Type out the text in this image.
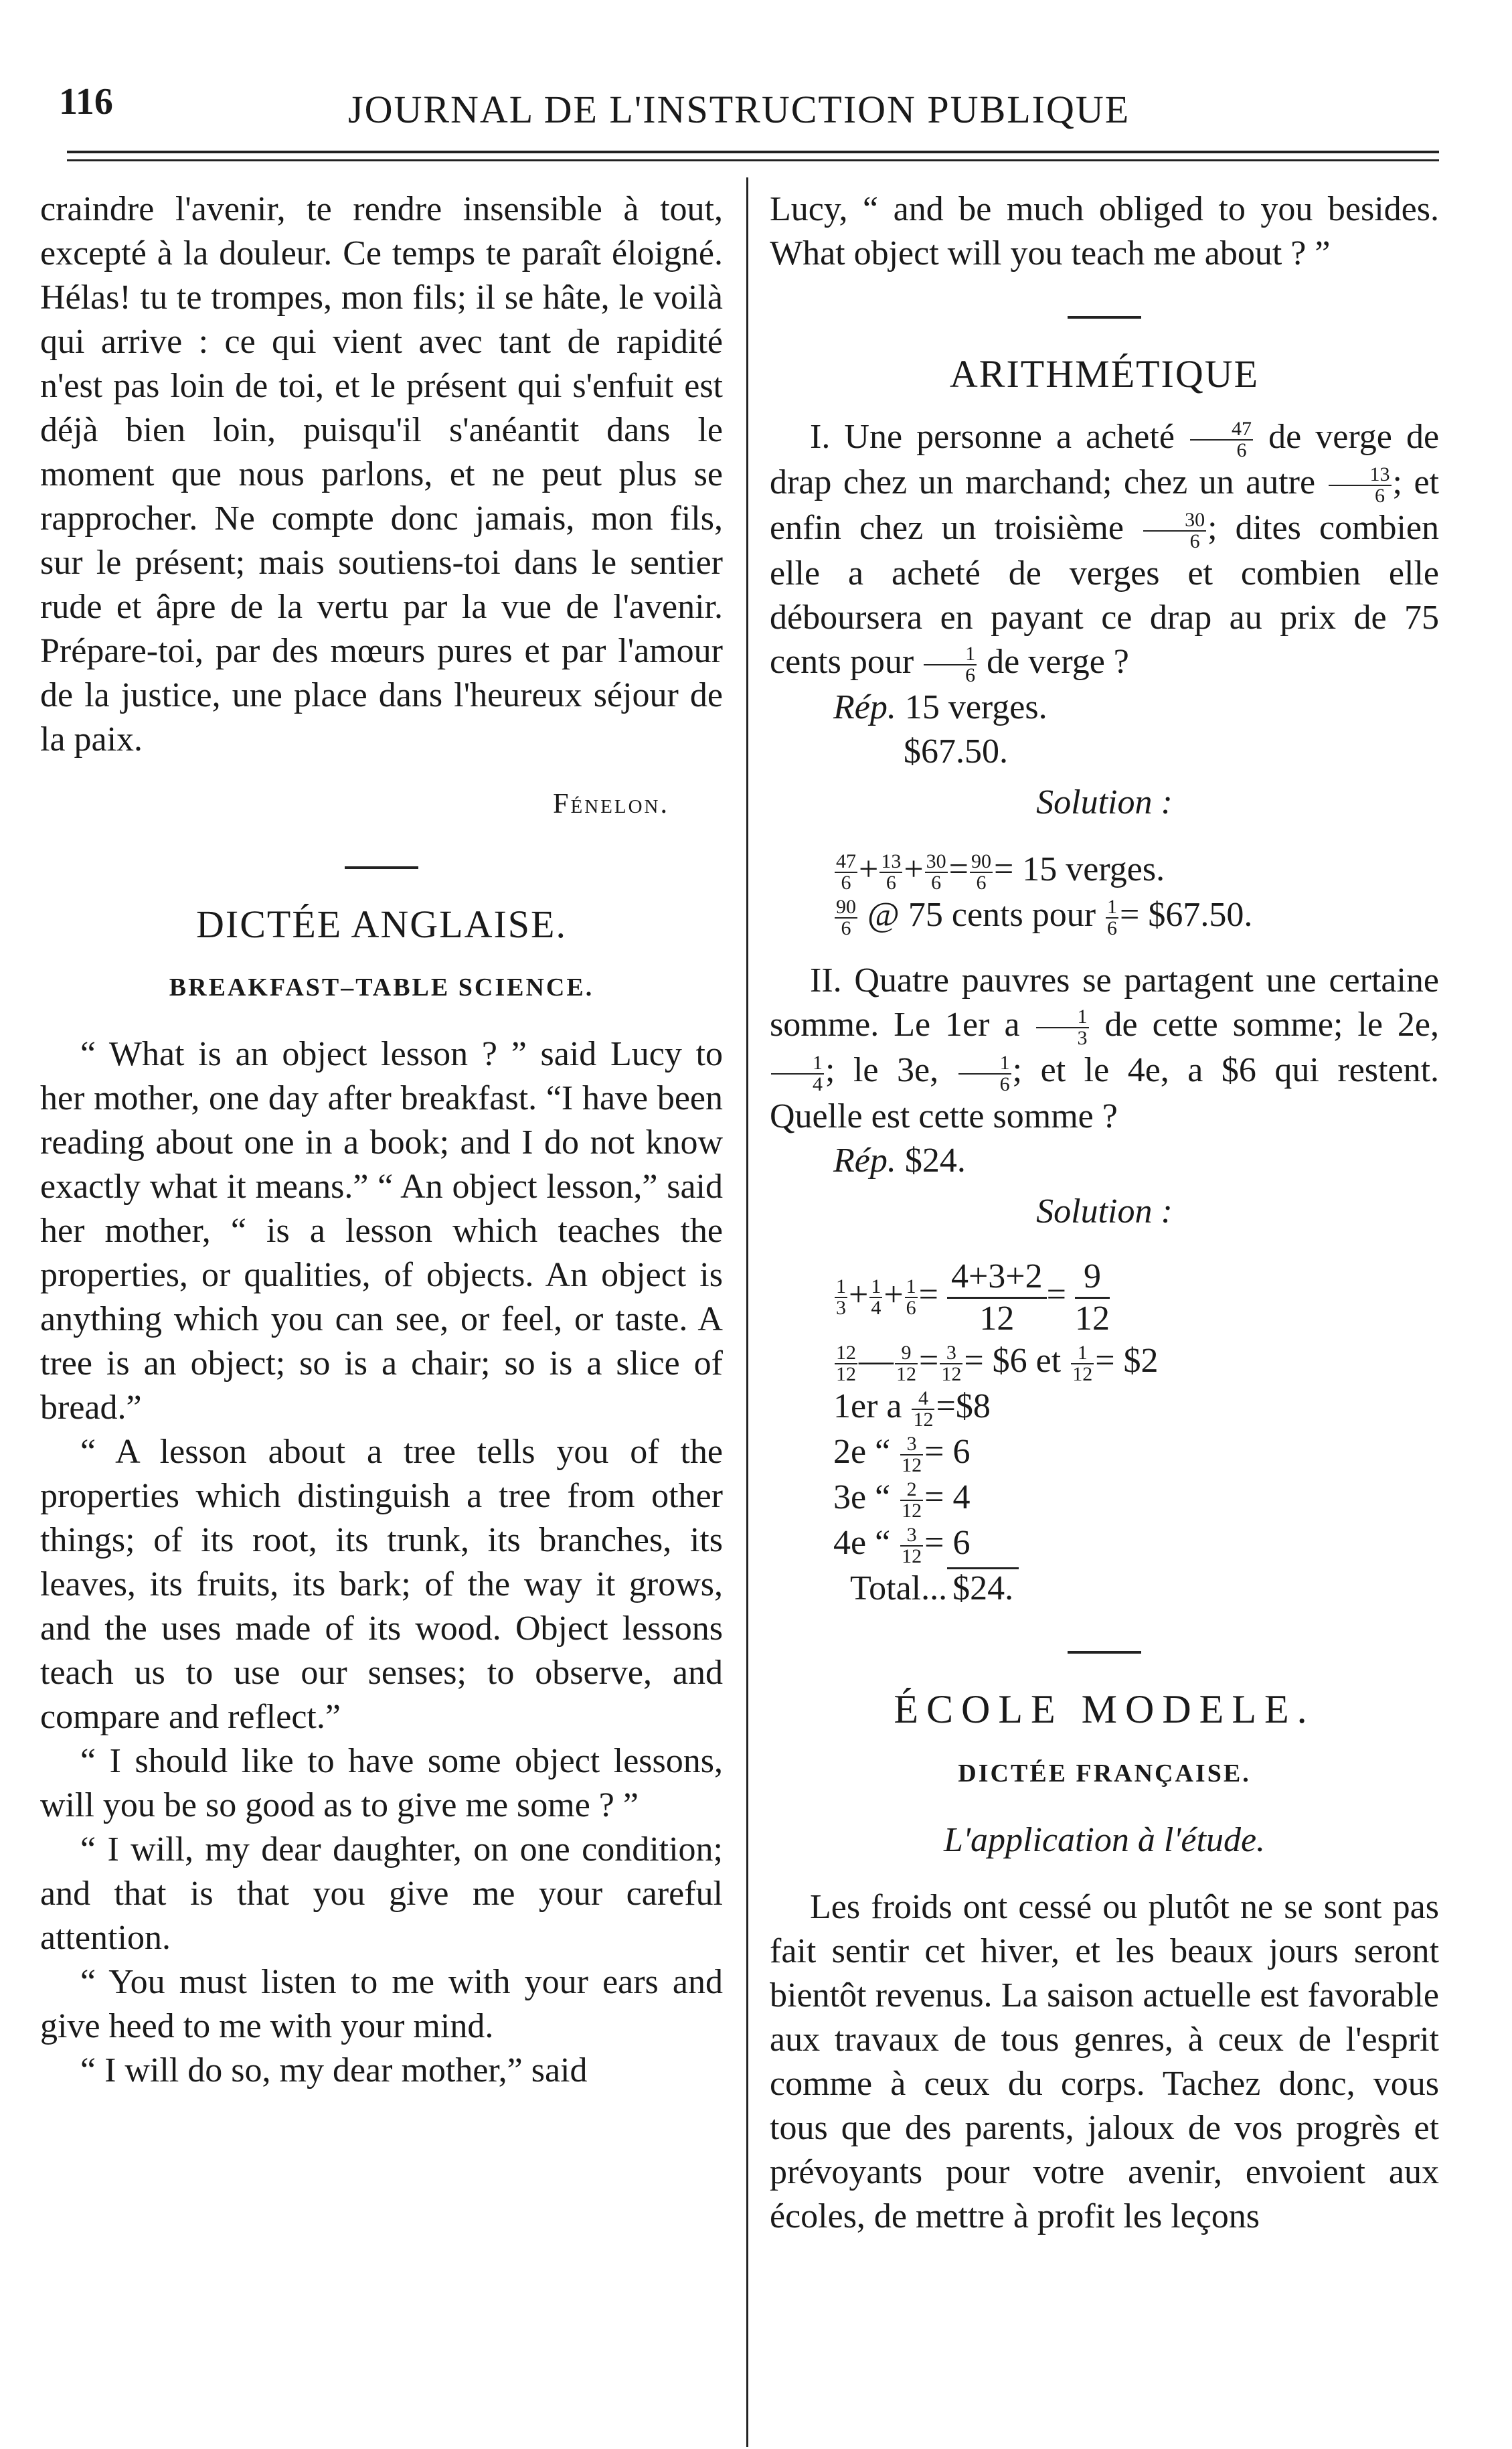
116	JOURNAL DE L'INSTRUCTION PUBLIQUE

craindre l'avenir, te rendre insensible à tout, excepté à la douleur. Ce temps te paraît éloigné. Hélas! tu te trompes, mon fils; il se hâte, le voilà qui arrive : ce qui vient avec tant de rapidité n'est pas loin de toi, et le présent qui s'enfuit est déjà bien loin, puisqu'il s'anéantit dans le moment que nous parlons, et ne peut plus se rapprocher. Ne compte donc jamais, mon fils, sur le présent; mais soutiens-toi dans le sentier rude et âpre de la vertu par la vue de l'avenir. Prépare-toi, par des mœurs pures et par l'amour de la justice, une place dans l'heureux séjour de la paix.

Fénelon.
DICTÉE ANGLAISE.
BREAKFAST–TABLE SCIENCE.

“ What is an object lesson ? ” said Lucy to her mother, one day after breakfast. “I have been reading about one in a book; and I do not know exactly what it means.” “ An object lesson,” said her mother, “ is a lesson which teaches the properties, or qualities, of objects. An object is anything which you can see, or feel, or taste. A tree is an object; so is a chair; so is a slice of bread.”

“ A lesson about a tree tells you of the properties which distinguish a tree from other things; of its root, its trunk, its branches, its leaves, its fruits, its bark; of the way it grows, and the uses made of its wood. Object lessons teach us to use our senses; to observe, and compare and reflect.”

“ I should like to have some object lessons, will you be so good as to give me some ? ”

“ I will, my dear daughter, on one condition; and that is that you give me your careful attention.

“ You must listen to me with your ears and give heed to me with your mind.

“ I will do so, my dear mother,” said

Lucy, “ and be much obliged to you besides. What object will you teach me about ? ”

ARITHMÉTIQUE

I. Une personne a acheté $\frac{47}{6}$ de verge de drap chez un marchand; chez un autre $\frac{13}{6}$ ; et enfin chez un troisième $\frac{30}{6}$ ; dites combien elle a acheté de verges et combien elle déboursera en payant ce drap au prix de 75 cents pour $\frac{1}{6}$ de verge ?

Rép. 15 verges.
$67.50.
Solution :
$\frac{47}{6} + \frac{13}{6} + \frac{30}{6} = \frac{90}{6} = 15$ verges.
$\frac{90}{6}$ @ 75 cents pour $\frac{1}{6}$ = $67.50.

II. Quatre pauvres se partagent une certaine somme. Le 1er a $\frac{1}{3}$ de cette somme; le 2e,
$\frac{1}{4}$ ; le 3e, $\frac{1}{6}$ ; et le 4e, a $6 qui restent. Quelle est cette somme ?

Rép. $24.
Solution :
$\frac{1}{3} + \frac{1}{4} + \frac{1}{6} = \frac{4+3+2}{12} = \frac{9}{12}$
$\frac{12}{12}$ — $\frac{9}{12} = \frac{3}{12}$ = $6 et $\frac{1}{12}$ = $2
1er a $\frac{4}{12}$ =$8
2e “ $\frac{3}{12} = 6$
3e “ $\frac{2}{12} = 4$
4e “ $\frac{3}{12} = 6$
Total... $24.
ÉCOLE MODELE.
DICTÉE FRANÇAISE.
L'application à l'étude.

Les froids ont cessé ou plutôt ne se sont pas fait sentir cet hiver, et les beaux jours seront bientôt revenus. La saison actuelle est favorable aux travaux de tous genres, à ceux de l'esprit comme à ceux du corps. Tachez donc, vous tous que des parents, jaloux de vos progrès et prévoyants pour votre avenir, envoient aux écoles, de mettre à profit les leçons
